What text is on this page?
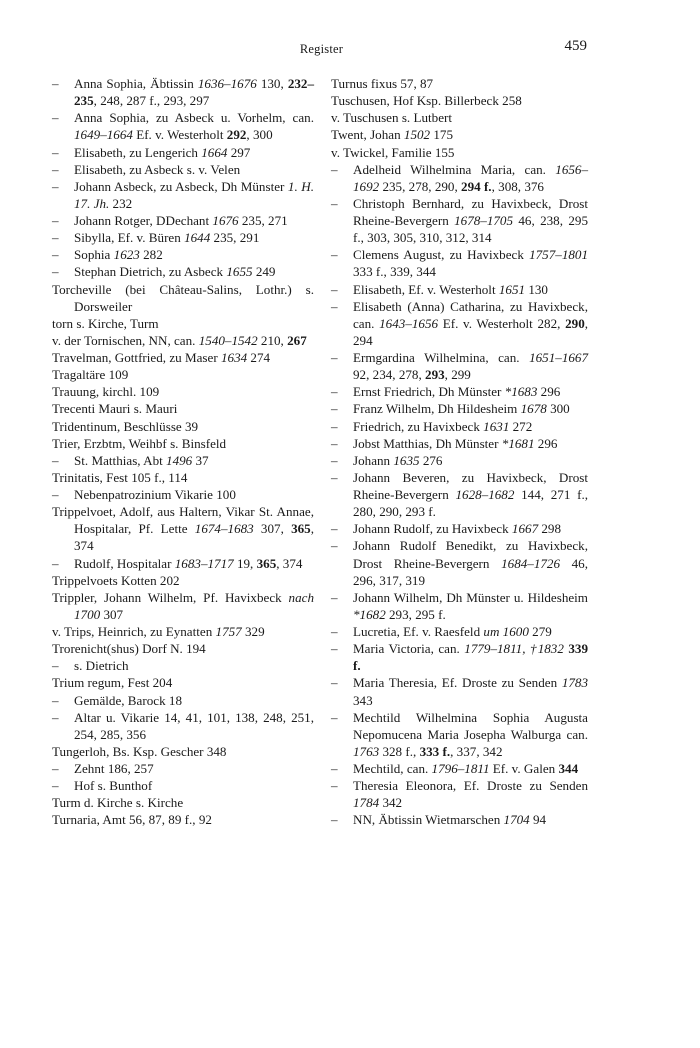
Register	459
– Anna Sophia, Äbtissin 1636–1676 130, 232–235, 248, 287 f., 293, 297
– Anna Sophia, zu Asbeck u. Vorhelm, can. 1649–1664 Ef. v. Westerholt 292, 300
– Elisabeth, zu Lengerich 1664 297
– Elisabeth, zu Asbeck s. v. Velen
– Johann Asbeck, zu Asbeck, Dh Münster 1. H. 17. Jh. 232
– Johann Rotger, DDechant 1676 235, 271
– Sibylla, Ef. v. Büren 1644 235, 291
– Sophia 1623 282
– Stephan Dietrich, zu Asbeck 1655 249
Torcheville (bei Château-Salins, Lothr.) s. Dorsweiler
torn s. Kirche, Turm
v. der Tornischen, NN, can. 1540–1542 210, 267
Travelman, Gottfried, zu Maser 1634 274
Tragaltäre 109
Trauung, kirchl. 109
Trecenti Mauri s. Mauri
Tridentinum, Beschlüsse 39
Trier, Erzbtm, Weihbf s. Binsfeld
– St. Matthias, Abt 1496 37
Trinitatis, Fest 105 f., 114
– Nebenpatrozinium Vikarie 100
Trippelvoet, Adolf, aus Haltern, Vikar St. Annae, Hospitalar, Pf. Lette 1674–1683 307, 365, 374
– Rudolf, Hospitalar 1683–1717 19, 365, 374
Trippelvoets Kotten 202
Trippler, Johann Wilhelm, Pf. Havixbeck nach 1700 307
v. Trips, Heinrich, zu Eynatten 1757 329
Trorenicht(shus) Dorf N. 194
– s. Dietrich
Trium regum, Fest 204
– Gemälde, Barock 18
– Altar u. Vikarie 14, 41, 101, 138, 248, 251, 254, 285, 356
Tungerloh, Bs. Ksp. Gescher 348
– Zehnt 186, 257
– Hof s. Bunthof
Turm d. Kirche s. Kirche
Turnaria, Amt 56, 87, 89 f., 92
Turnus fixus 57, 87
Tuschusen, Hof Ksp. Billerbeck 258
v. Tuschusen s. Lutbert
Twent, Johan 1502 175
v. Twickel, Familie 155
– Adelheid Wilhelmina Maria, can. 1656–1692 235, 278, 290, 294 f., 308, 376
– Christoph Bernhard, zu Havixbeck, Drost Rheine-Bevergern 1678–1705 46, 238, 295 f., 303, 305, 310, 312, 314
– Clemens August, zu Havixbeck 1757–1801 333 f., 339, 344
– Elisabeth, Ef. v. Westerholt 1651 130
– Elisabeth (Anna) Catharina, zu Havixbeck, can. 1643–1656 Ef. v. Westerholt 282, 290, 294
– Ermgardina Wilhelmina, can. 1651–1667 92, 234, 278, 293, 299
– Ernst Friedrich, Dh Münster *1683 296
– Franz Wilhelm, Dh Hildesheim 1678 300
– Friedrich, zu Havixbeck 1631 272
– Jobst Matthias, Dh Münster *1681 296
– Johann 1635 276
– Johann Beveren, zu Havixbeck, Drost Rheine-Bevergern 1628–1682 144, 271 f., 280, 290, 293 f.
– Johann Rudolf, zu Havixbeck 1667 298
– Johann Rudolf Benedikt, zu Havixbeck, Drost Rheine-Bevergern 1684–1726 46, 296, 317, 319
– Johann Wilhelm, Dh Münster u. Hildesheim *1682 293, 295 f.
– Lucretia, Ef. v. Raesfeld um 1600 279
– Maria Victoria, can. 1779–1811, †1832 339 f.
– Maria Theresia, Ef. Droste zu Senden 1783 343
– Mechtild Wilhelmina Sophia Augusta Nepomucena Maria Josepha Walburga can. 1763 328 f., 333 f., 337, 342
– Mechtild, can. 1796–1811 Ef. v. Galen 344
– Theresia Eleonora, Ef. Droste zu Senden 1784 342
– NN, Äbtissin Wietmarschen 1704 94
